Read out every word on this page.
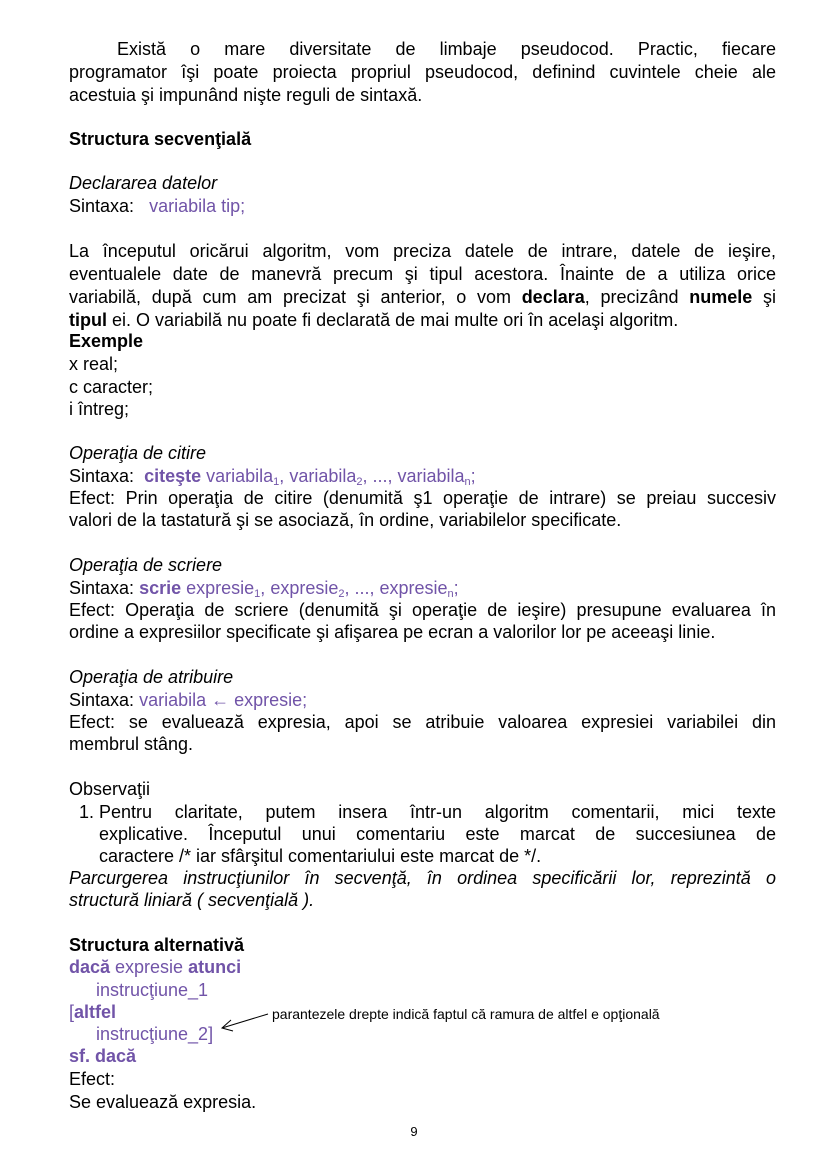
Există o mare diversitate de limbaje pseudocod. Practic, fiecare
programator îşi poate proiecta propriul pseudocod, definind cuvintele cheie ale
acestuia şi impunând nişte reguli de sintaxă.
Structura secvenţială
Declararea datelor
Sintaxa: variabila tip;
La începutul oricărui algoritm, vom preciza datele de intrare, datele de ieşire,
eventualele date de manevră precum şi tipul acestora. Înainte de a utiliza orice
variabilă, după cum am precizat şi anterior, o vom declara, precizând numele şi
tipul ei. O variabilă nu poate fi declarată de mai multe ori în acelaşi algoritm.
Exemple
x real;
c caracter;
i întreg;
Operaţia de citire
Sintaxa: citeşte variabila$_1$, variabila$_2$, ..., variabila$_n$;
Efect: Prin operaţia de citire (denumită ş1 operaţie de intrare) se preiau succesiv
valori de la tastatură şi se asociază, în ordine, variabilelor specificate.
Operaţia de scriere
Sintaxa: scrie expresie$_1$, expresie$_2$, ..., expresie$_n$;
Efect: Operaţia de scriere (denumită şi operaţie de ieşire) presupune evaluarea în
ordine a expresiilor specificate şi afişarea pe ecran a valorilor lor pe aceeaşi linie.
Operaţia de atribuire
Sintaxa: variabila ← expresie;
Efect: se evaluează expresia, apoi se atribuie valoarea expresiei variabilei din
membrul stâng.
Observaţii
1. Pentru claritate, putem insera într-un algoritm comentarii, mici texte
explicative. Începutul unui comentariu este marcat de succesiunea de
caractere /* iar sfârşitul comentariului este marcat de */.
Parcurgerea instrucţiunilor în secvenţă, în ordinea specificării lor, reprezintă o
structură liniară ( secvenţială ).
Structura alternativă
dacă expresie atunci
instrucţiune_1
[altfel
instrucţiune_2]
sf. dacă
Efect:
Se evaluează expresia.
parantezele drepte indică faptul că ramura de altfel e opţională
9
